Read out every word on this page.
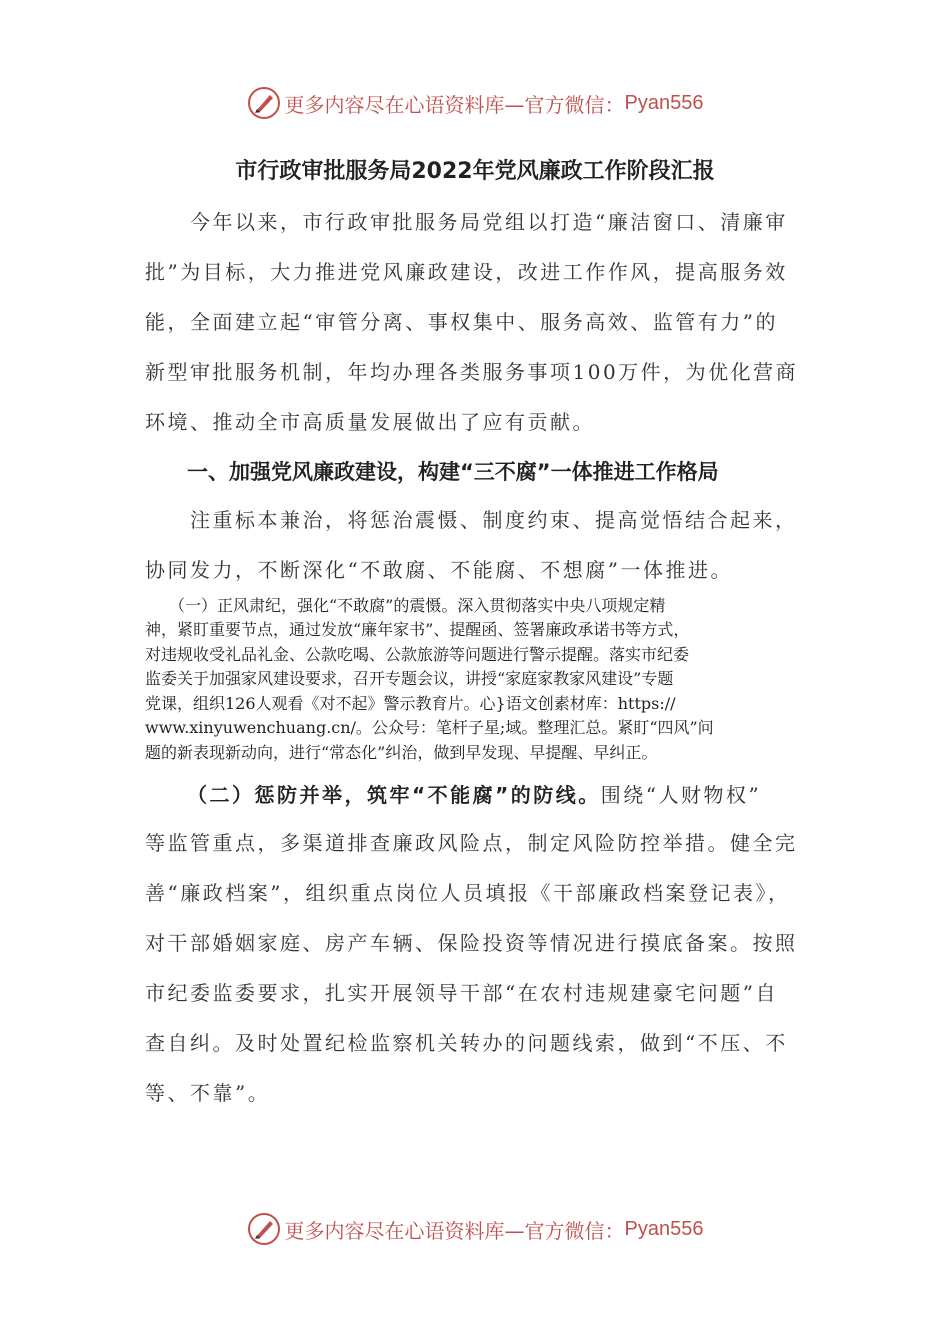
更多内容尽在心语资料库—官方微信： Pyan556
市行政审批服务局2022年党风廉政工作阶段汇报

　　今年以来，市行政审批服务局党组以打造“廉洁窗口、清廉审

批”为目标，大力推进党风廉政建设，改进工作作风，提高服务效

能，全面建立起“审管分离、事权集中、服务高效、监管有力”的

新型审批服务机制，年均办理各类服务事项100万件，为优化营商

环境、推动全市高质量发展做出了应有贡献。

一、加强党风廉政建设，构建“三不腐”一体推进工作格局

　　注重标本兼治，将惩治震慑、制度约束、提高觉悟结合起来，

协同发力，不断深化“不敢腐、不能腐、不想腐”一体推进。

　　（一）正风肃纪，强化“不敢腐”的震慑。深入贯彻落实中央八项规定精

神，紧盯重要节点，通过发放“廉年家书”、提醒函、签署廉政承诺书等方式，

对违规收受礼品礼金、公款吃喝、公款旅游等问题进行警示提醒。落实市纪委

监委关于加强家风建设要求，召开专题会议，讲授“家庭家教家风建设”专题

党课，组织126人观看《对不起》警示教育片。心}语文创素材库：https://

www.xinyuwenchuang.cn/。公众号：笔杆子星;域。整理汇总。紧盯“四风”问

题的新表现新动向，进行“常态化”纠治，做到早发现、早提醒、早纠正。

（二）惩防并举，筑牢“不能腐”的防线。围绕“人财物权”

等监管重点，多渠道排查廉政风险点，制定风险防控举措。健全完

善“廉政档案”，组织重点岗位人员填报《干部廉政档案登记表》，

对干部婚姻家庭、房产车辆、保险投资等情况进行摸底备案。按照

市纪委监委要求，扎实开展领导干部“在农村违规建豪宅问题”自

查自纠。及时处置纪检监察机关转办的问题线索，做到“不压、不

等、不靠”。

更多内容尽在心语资料库—官方微信： Pyan556
